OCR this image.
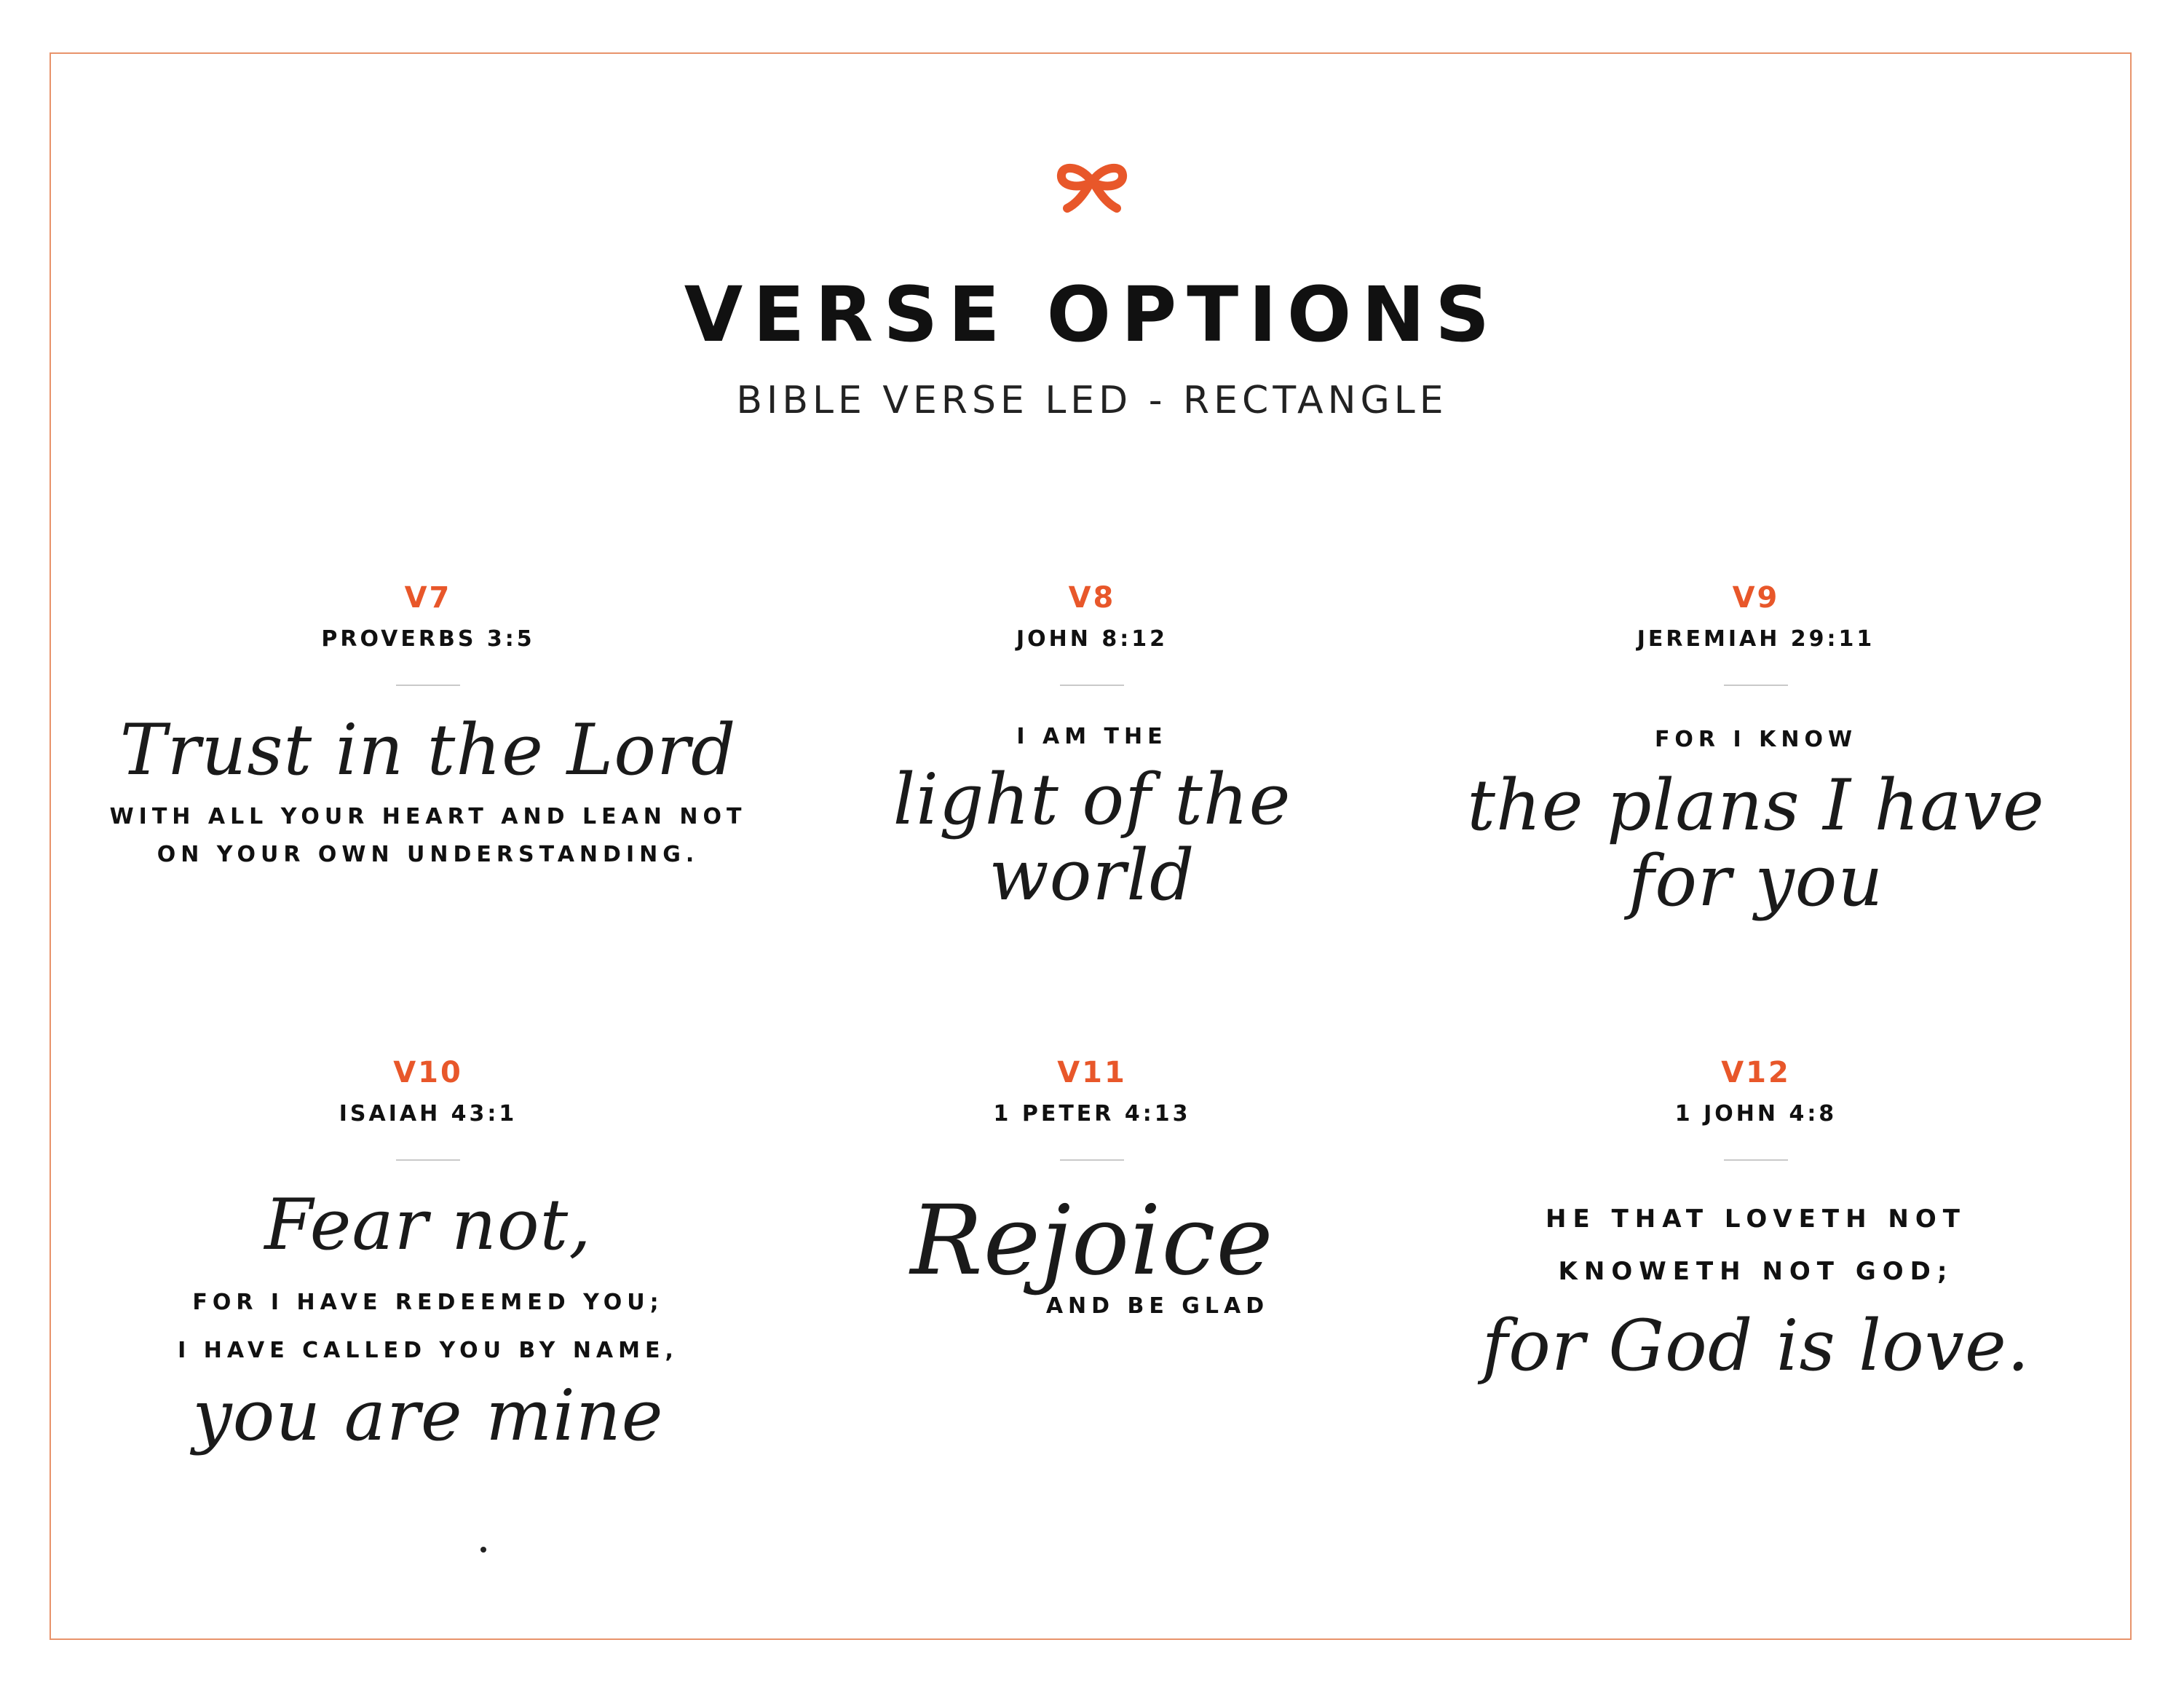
VERSE OPTIONS
BIBLE VERSE LED - RECTANGLE
V7
PROVERBS 3:5
Trust in the Lord
WITH ALL YOUR HEART AND LEAN NOT
ON YOUR OWN UNDERSTANDING.
V8
JOHN 8:12
I AM THE
light of the
world
V9
JEREMIAH 29:11
FOR I KNOW
the plans I have
for you
V10
ISAIAH 43:1
Fear not,
FOR I HAVE REDEEMED YOU;
I HAVE CALLED YOU BY NAME,
you are mine
V11
1 PETER 4:13
Rejoice
AND BE GLAD
V12
1 JOHN 4:8
HE THAT LOVETH NOT
KNOWETH NOT GOD;
for God is love.
